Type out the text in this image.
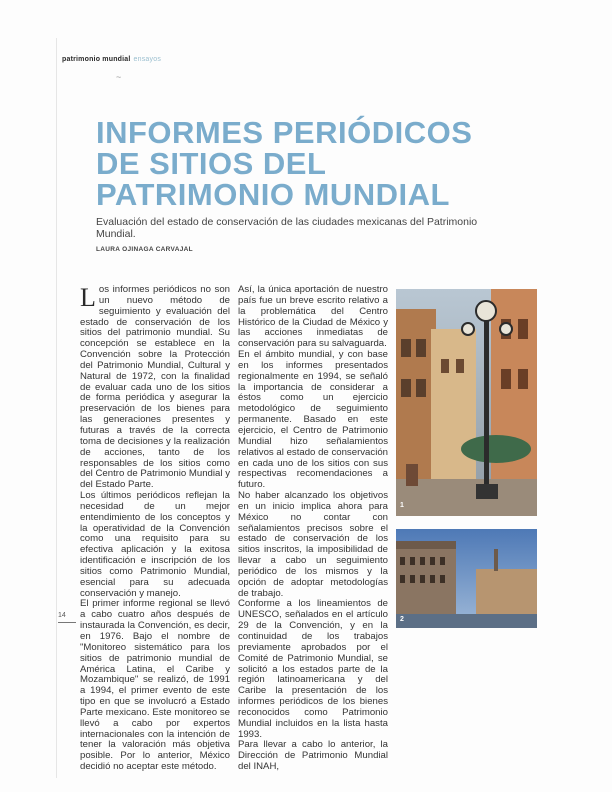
patrimonio mundial ensayos
~
INFORMES PERIÓDICOS DE SITIOS DEL PATRIMONIO MUNDIAL

Evaluación del estado de conservación de las ciudades mexicanas del Patrimonio Mundial.

LAURA OJINAGA CARVAJAL

Los informes periódicos no son un nuevo método de seguimiento y evaluación del estado de conservación de los sitios del patrimonio mundial. Su concepción se establece en la Convención sobre la Protección del Patrimonio Mundial, Cultural y Natural de 1972, con la finalidad de evaluar cada uno de los sitios de forma periódica y asegurar la preservación de los bienes para las generaciones presentes y futuras a través de la correcta toma de decisiones y la realización de acciones, tanto de los responsables de los sitios como del Centro de Patrimonio Mundial y del Estado Parte.

Los últimos periódicos reflejan la necesidad de un mejor entendimiento de los conceptos y la operatividad de la Convención como una requisito para su efectiva aplicación y la exitosa identificación e inscripción de los sitios como Patrimonio Mundial, esencial para su adecuada conservación y manejo.

El primer informe regional se llevó a cabo cuatro años después de instaurada la Convención, es decir, en 1976. Bajo el nombre de "Monitoreo sistemático para los sitios de patrimonio mundial de América Latina, el Caribe y Mozambique" se realizó, de 1991 a 1994, el primer evento de este tipo en que se involucró a Estado Parte mexicano. Este monitoreo se llevó a cabo por expertos internacionales con la intención de tener la valoración más objetiva posible. Por lo anterior, México decidió no aceptar este método.

Así, la única aportación de nuestro país fue un breve escrito relativo a la problemática del Centro Histórico de la Ciudad de México y las acciones inmediatas de conservación para su salvaguarda.

En el ámbito mundial, y con base en los informes presentados regionalmente en 1994, se señaló la importancia de considerar a éstos como un ejercicio metodológico de seguimiento permanente. Basado en este ejercicio, el Centro de Patrimonio Mundial hizo señalamientos relativos al estado de conservación en cada uno de los sitios con sus respectivas recomendaciones a futuro.

No haber alcanzado los objetivos en un inicio implica ahora para México no contar con señalamientos precisos sobre el estado de conservación de los sitios inscritos, la imposibilidad de llevar a cabo un seguimiento periódico de los mismos y la opción de adoptar metodologías de trabajo.

Conforme a los lineamientos de UNESCO, señalados en el artículo 29 de la Convención, y en la continuidad de los trabajos previamente aprobados por el Comité de Patrimonio Mundial, se solicitó a los estados parte de la región latinoamericana y del Caribe la presentación de los informes periódicos de los bienes reconocidos como Patrimonio Mundial incluidos en la lista hasta 1993.

Para llevar a cabo lo anterior, la Dirección de Patrimonio Mundial del INAH,

1
2
14
